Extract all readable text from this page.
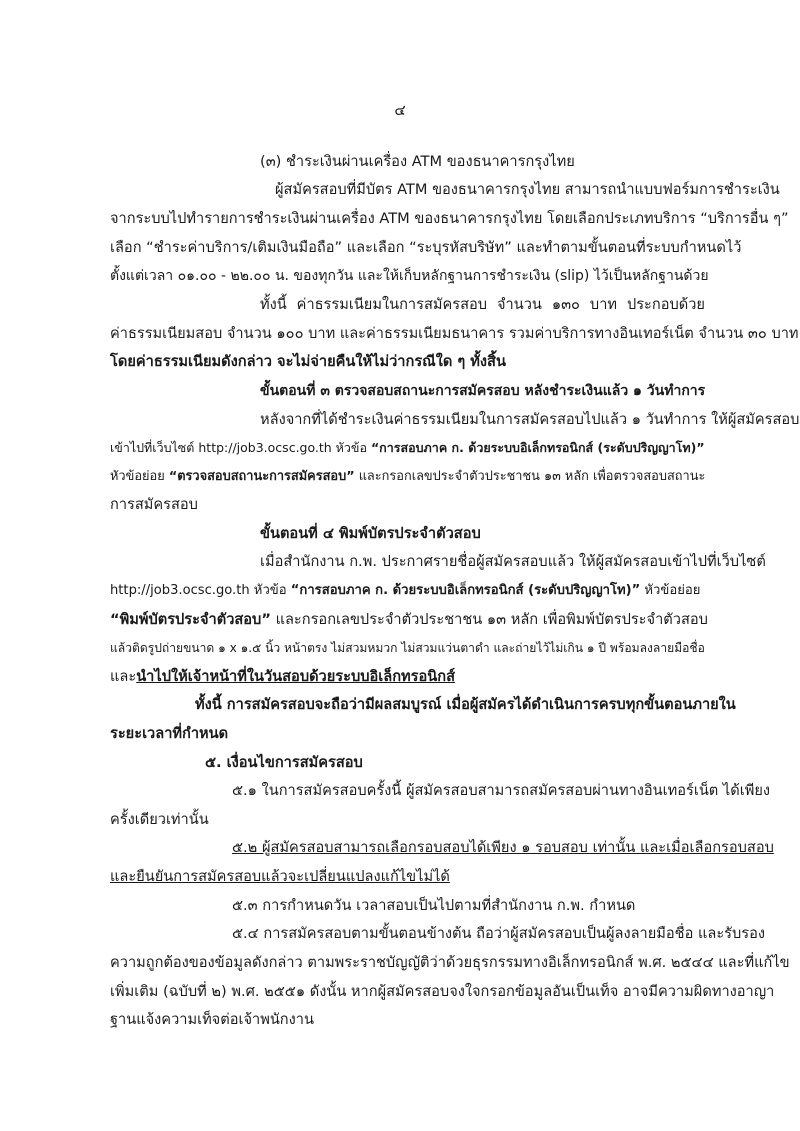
๔
(๓) ชำระเงินผ่านเครื่อง ATM ของธนาคารกรุงไทย
ผู้สมัครสอบที่มีบัตร ATM ของธนาคารกรุงไทย สามารถนำแบบฟอร์มการชำระเงิน
จากระบบไปทำรายการชำระเงินผ่านเครื่อง ATM ของธนาคารกรุงไทย โดยเลือกประเภทบริการ “บริการอื่น ๆ”
เลือก “ชำระค่าบริการ/เติมเงินมือถือ” และเลือก “ระบุรหัสบริษัท” และทำตามขั้นตอนที่ระบบกำหนดไว้
ตั้งแต่เวลา ๐๑.๐๐ - ๒๒.๐๐ น. ของทุกวัน และให้เก็บหลักฐานการชำระเงิน (slip) ไว้เป็นหลักฐานด้วย
ทั้งนี้ ค่าธรรมเนียมในการสมัครสอบ จำนวน ๑๓๐ บาท ประกอบด้วย
ค่าธรรมเนียมสอบ จำนวน ๑๐๐ บาท และค่าธรรมเนียมธนาคาร รวมค่าบริการทางอินเทอร์เน็ต จำนวน ๓๐ บาท
โดยค่าธรรมเนียมดังกล่าว จะไม่จ่ายคืนให้ไม่ว่ากรณีใด ๆ ทั้งสิ้น
ขั้นตอนที่ ๓ ตรวจสอบสถานะการสมัครสอบ หลังชำระเงินแล้ว ๑ วันทำการ
หลังจากที่ได้ชำระเงินค่าธรรมเนียมในการสมัครสอบไปแล้ว ๑ วันทำการ ให้ผู้สมัครสอบ
เข้าไปที่เว็บไซต์ http://job3.ocsc.go.th หัวข้อ “การสอบภาค ก. ด้วยระบบอิเล็กทรอนิกส์ (ระดับปริญญาโท)”
หัวข้อย่อย “ตรวจสอบสถานะการสมัครสอบ” และกรอกเลขประจำตัวประชาชน ๑๓ หลัก เพื่อตรวจสอบสถานะ
การสมัครสอบ
ขั้นตอนที่ ๔ พิมพ์บัตรประจำตัวสอบ
เมื่อสำนักงาน ก.พ. ประกาศรายชื่อผู้สมัครสอบแล้ว ให้ผู้สมัครสอบเข้าไปที่เว็บไซต์
http://job3.ocsc.go.th หัวข้อ “การสอบภาค ก. ด้วยระบบอิเล็กทรอนิกส์ (ระดับปริญญาโท)” หัวข้อย่อย
“พิมพ์บัตรประจำตัวสอบ” และกรอกเลขประจำตัวประชาชน ๑๓ หลัก เพื่อพิมพ์บัตรประจำตัวสอบ
แล้วติดรูปถ่ายขนาด ๑ x ๑.๕ นิ้ว หน้าตรง ไม่สวมหมวก ไม่สวมแว่นตาดำ และถ่ายไว้ไม่เกิน ๑ ปี พร้อมลงลายมือชื่อ
และนำไปให้เจ้าหน้าที่ในวันสอบด้วยระบบอิเล็กทรอนิกส์
ทั้งนี้ การสมัครสอบจะถือว่ามีผลสมบูรณ์ เมื่อผู้สมัครได้ดำเนินการครบทุกขั้นตอนภายใน
ระยะเวลาที่กำหนด
๕. เงื่อนไขการสมัครสอบ
๕.๑ ในการสมัครสอบครั้งนี้ ผู้สมัครสอบสามารถสมัครสอบผ่านทางอินเทอร์เน็ต ได้เพียง
ครั้งเดียวเท่านั้น
๕.๒ ผู้สมัครสอบสามารถเลือกรอบสอบได้เพียง ๑ รอบสอบ เท่านั้น และเมื่อเลือกรอบสอบ
และยืนยันการสมัครสอบแล้วจะเปลี่ยนแปลงแก้ไขไม่ได้
๕.๓ การกำหนดวัน เวลาสอบเป็นไปตามที่สำนักงาน ก.พ. กำหนด
๕.๔ การสมัครสอบตามขั้นตอนข้างต้น ถือว่าผู้สมัครสอบเป็นผู้ลงลายมือชื่อ และรับรอง
ความถูกต้องของข้อมูลดังกล่าว ตามพระราชบัญญัติว่าด้วยธุรกรรมทางอิเล็กทรอนิกส์ พ.ศ. ๒๕๔๔ และที่แก้ไข
เพิ่มเติม (ฉบับที่ ๒) พ.ศ. ๒๕๕๑ ดังนั้น หากผู้สมัครสอบจงใจกรอกข้อมูลอันเป็นเท็จ อาจมีความผิดทางอาญา
ฐานแจ้งความเท็จต่อเจ้าพนักงาน
